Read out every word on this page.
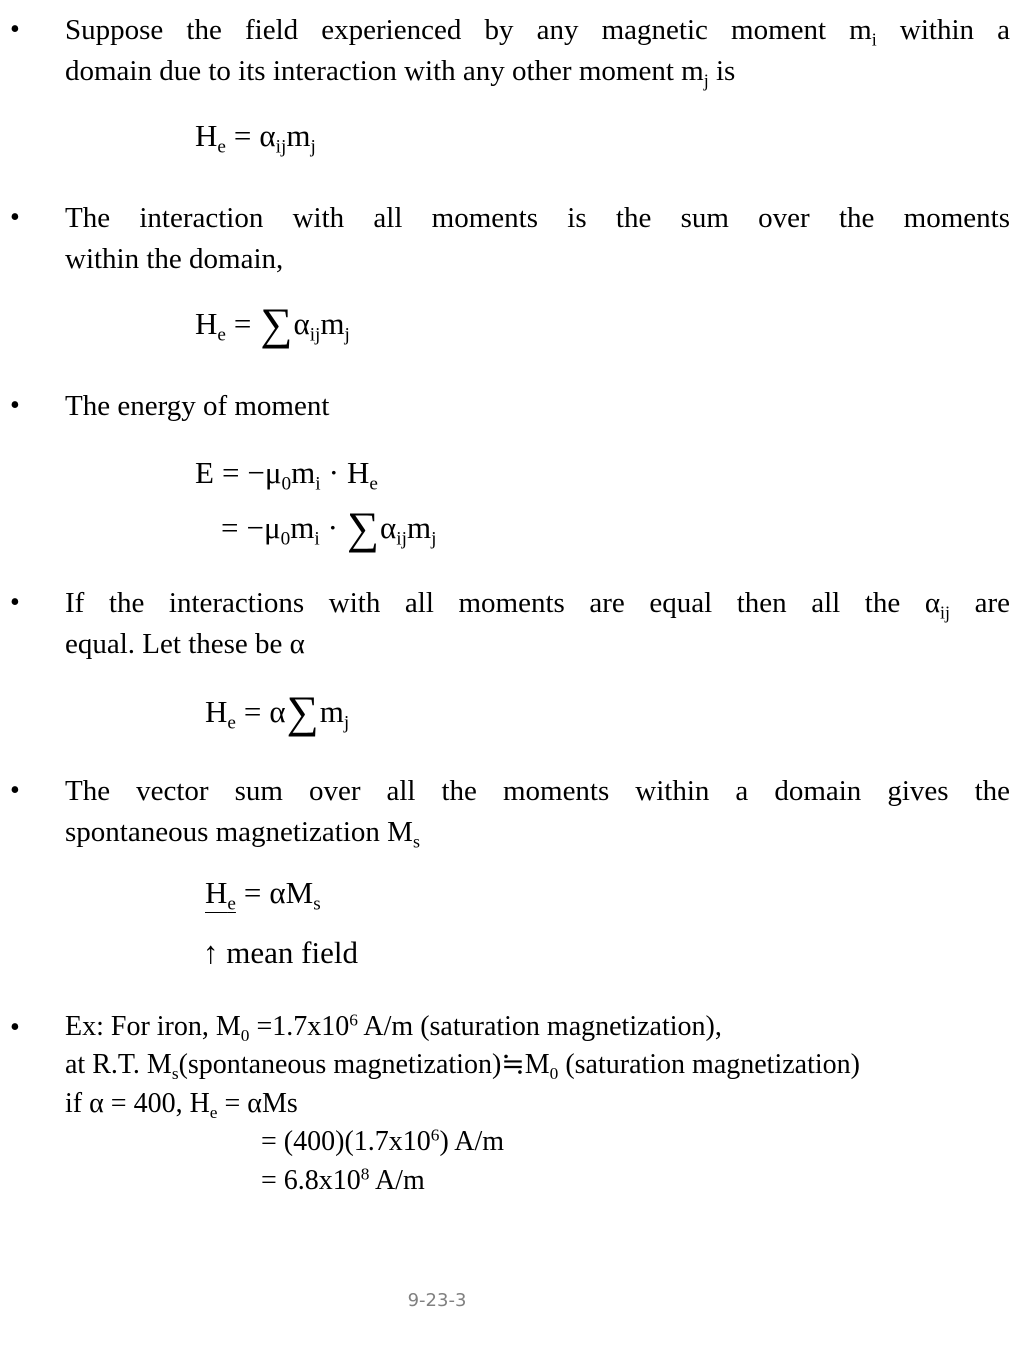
•	Suppose the field experienced by any magnetic moment $m_i$ within a
domain due to its interaction with any other moment $m_j$ is
$H_e = \alpha_{ij}m_j$
•	The interaction with all moments is the sum over the moments
within the domain,
$H_e = \sum\alpha_{ij}m_j$
•	The energy of moment
$E = -\mu_0m_i \cdot H_e$
= $-\mu_0m_i \cdot \sum\alpha_{ij}m_j$
•	If the interactions with all moments are equal then all the $\alpha_{ij}$ are
equal. Let these be α
$H_e = \alpha\sum m_j$
•	The vector sum over all the moments within a domain gives the
spontaneous magnetization $M_s$
$H_e = \alpha M_s$
↑ mean field
•	Ex: For iron, $M_0 =1.7x10^6$ A/m (saturation magnetization),
at R.T. $M_s(spontaneous$ $magnetization)≒M_0$ (saturation magnetization)
if α = 400, $H_e = \alpha Ms$
= $(400)(1.7x10^6)$ A/m
= $6.8x10^8$ A/m
9-23-3
